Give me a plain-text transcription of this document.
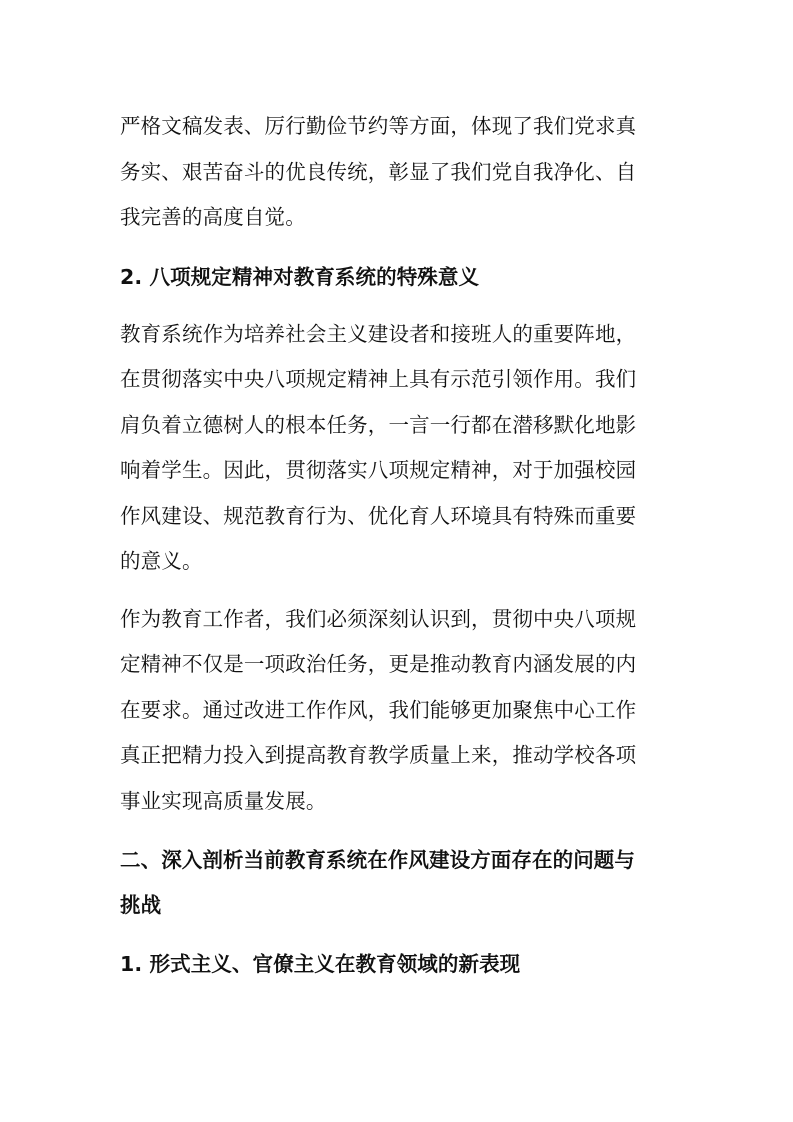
严格文稿发表、厉行勤俭节约等方面，体现了我们党求真
务实、艰苦奋斗的优良传统，彰显了我们党自我净化、自
我完善的高度自觉。

2. 八项规定精神对教育系统的特殊意义

教育系统作为培养社会主义建设者和接班人的重要阵地，
在贯彻落实中央八项规定精神上具有示范引领作用。我们
肩负着立德树人的根本任务，一言一行都在潜移默化地影
响着学生。因此，贯彻落实八项规定精神，对于加强校园
作风建设、规范教育行为、优化育人环境具有特殊而重要
的意义。

作为教育工作者，我们必须深刻认识到，贯彻中央八项规
定精神不仅是一项政治任务，更是推动教育内涵发展的内
在要求。通过改进工作作风，我们能够更加聚焦中心工作
真正把精力投入到提高教育教学质量上来，推动学校各项
事业实现高质量发展。

二、深入剖析当前教育系统在作风建设方面存在的问题与
挑战
1. 形式主义、官僚主义在教育领域的新表现
